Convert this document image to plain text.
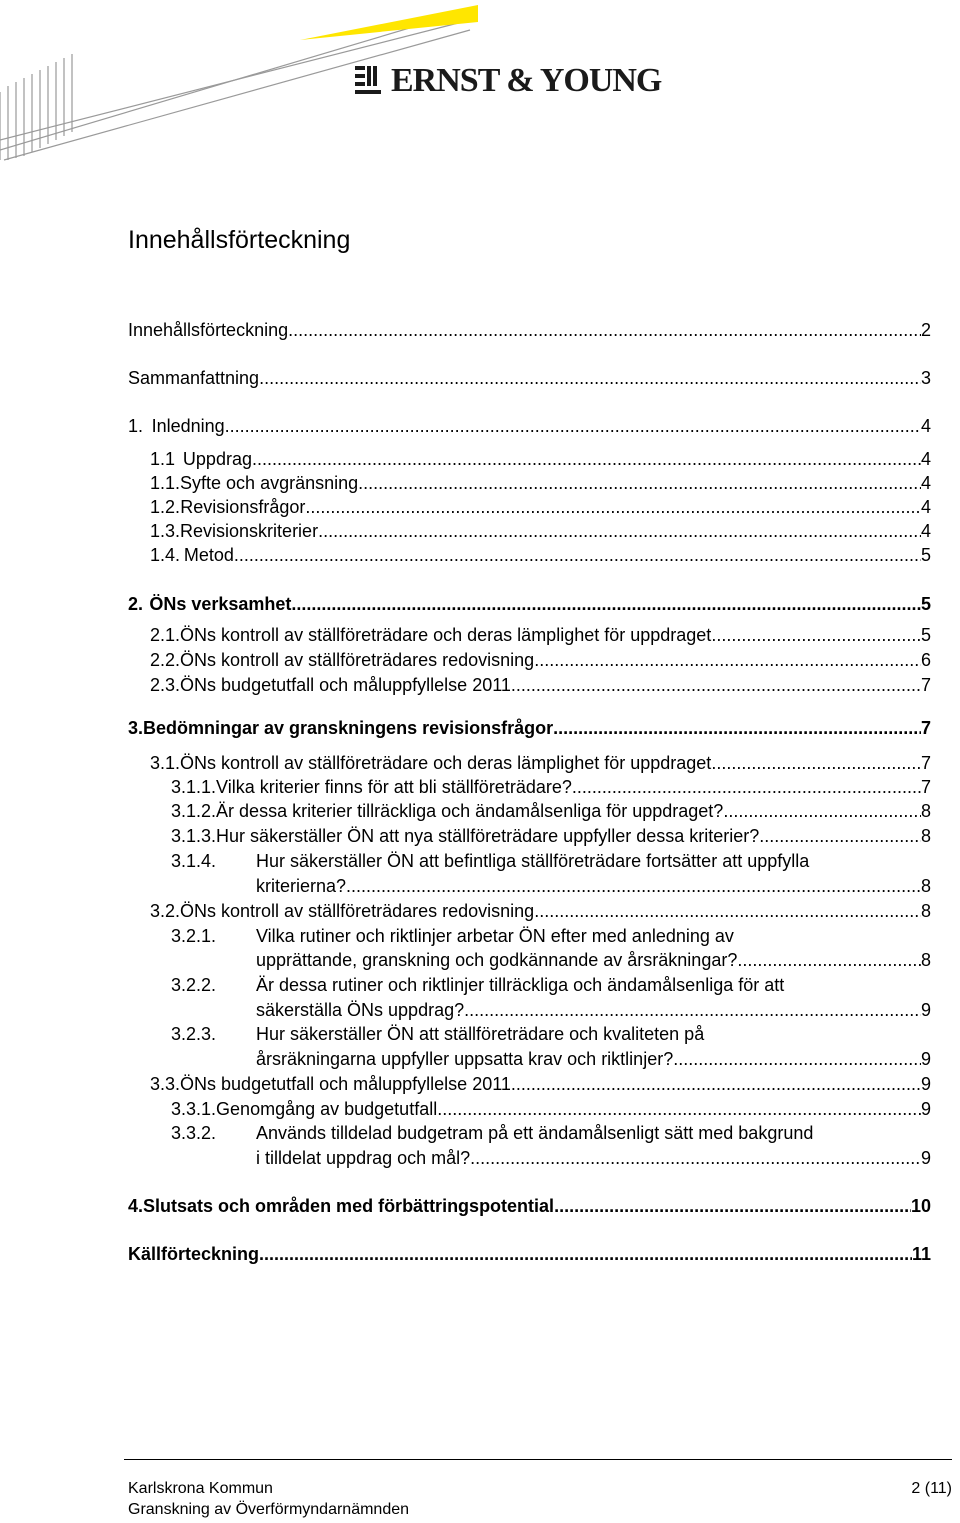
ERNST & YOUNG
Innehållsförteckning
Innehållsförteckning .....	2
Sammanfattning .....	3
1. Inledning .....	4
1.1 Uppdrag .....	4
1.1. Syfte och avgränsning .....	4
1.2. Revisionsfrågor .....	4
1.3. Revisionskriterier .....	4
1.4. Metod .....	5
2. ÖNs verksamhet .....	5
2.1. ÖNs kontroll av ställföreträdare och deras lämplighet för uppdraget .....	5
2.2. ÖNs kontroll av ställföreträdares redovisning .....	6
2.3. ÖNs budgetutfall och måluppfyllelse 2011 .....	7
3. Bedömningar av granskningens revisionsfrågor .....	7
3.1. ÖNs kontroll av ställföreträdare och deras lämplighet för uppdraget .....	7
3.1.1. Vilka kriterier finns för att bli ställföreträdare? .....	7
3.1.2. Är dessa kriterier tillräckliga och ändamålsenliga för uppdraget? .....	8
3.1.3. Hur säkerställer ÖN att nya ställföreträdare uppfyller dessa kriterier? .....	8
3.1.4. Hur säkerställer ÖN att befintliga ställföreträdare fortsätter att uppfylla
kriterierna? .....	8
3.2. ÖNs kontroll av ställföreträdares redovisning .....	8
3.2.1. Vilka rutiner och riktlinjer arbetar ÖN efter med anledning av
upprättande, granskning och godkännande av årsräkningar? .....	8
3.2.2. Är dessa rutiner och riktlinjer tillräckliga och ändamålsenliga för att
säkerställa ÖNs uppdrag? .....	9
3.2.3. Hur säkerställer ÖN att ställföreträdare och kvaliteten på
årsräkningarna uppfyller uppsatta krav och riktlinjer? .....	9
3.3. ÖNs budgetutfall och måluppfyllelse 2011 .....	9
3.3.1. Genomgång av budgetutfall .....	9
3.3.2. Används tilldelad budgetram på ett ändamålsenligt sätt med bakgrund
i tilldelat uppdrag och mål? .....	9
4. Slutsats och områden med förbättringspotential .....	10
Källförteckning .....	11
Karlskrona Kommun
Granskning av Överförmyndarnämnden
2 (11)
